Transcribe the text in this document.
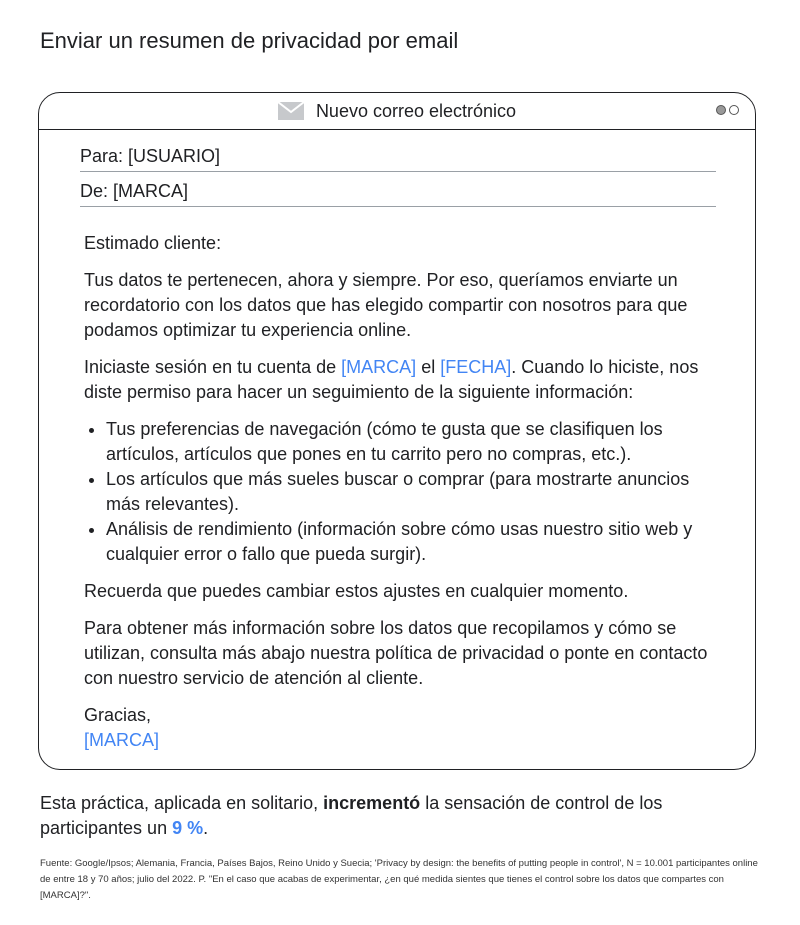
Enviar un resumen de privacidad por email
Nuevo correo electrónico
Para: [USUARIO]
De: [MARCA]

Estimado cliente:

Tus datos te pertenecen, ahora y siempre. Por eso, queríamos enviarte un recordatorio con los datos que has elegido compartir con nosotros para que podamos optimizar tu experiencia online.

Iniciaste sesión en tu cuenta de [MARCA] el [FECHA]. Cuando lo hiciste, nos diste permiso para hacer un seguimiento de la siguiente información:

• Tus preferencias de navegación (cómo te gusta que se clasifiquen los artículos, artículos que pones en tu carrito pero no compras, etc.).
• Los artículos que más sueles buscar o comprar (para mostrarte anuncios más relevantes).
• Análisis de rendimiento (información sobre cómo usas nuestro sitio web y cualquier error o fallo que pueda surgir).

Recuerda que puedes cambiar estos ajustes en cualquier momento.

Para obtener más información sobre los datos que recopilamos y cómo se utilizan, consulta más abajo nuestra política de privacidad o ponte en contacto con nuestro servicio de atención al cliente.

Gracias,
[MARCA]

Esta práctica, aplicada en solitario, incrementó la sensación de control de los participantes un 9 %.
Fuente: Google/Ipsos; Alemania, Francia, Países Bajos, Reino Unido y Suecia; 'Privacy by design: the benefits of putting people in control', N = 10.001 participantes online de entre 18 y 70 años; julio del 2022. P. "En el caso que acabas de experimentar, ¿en qué medida sientes que tienes el control sobre los datos que compartes con [MARCA]?".
